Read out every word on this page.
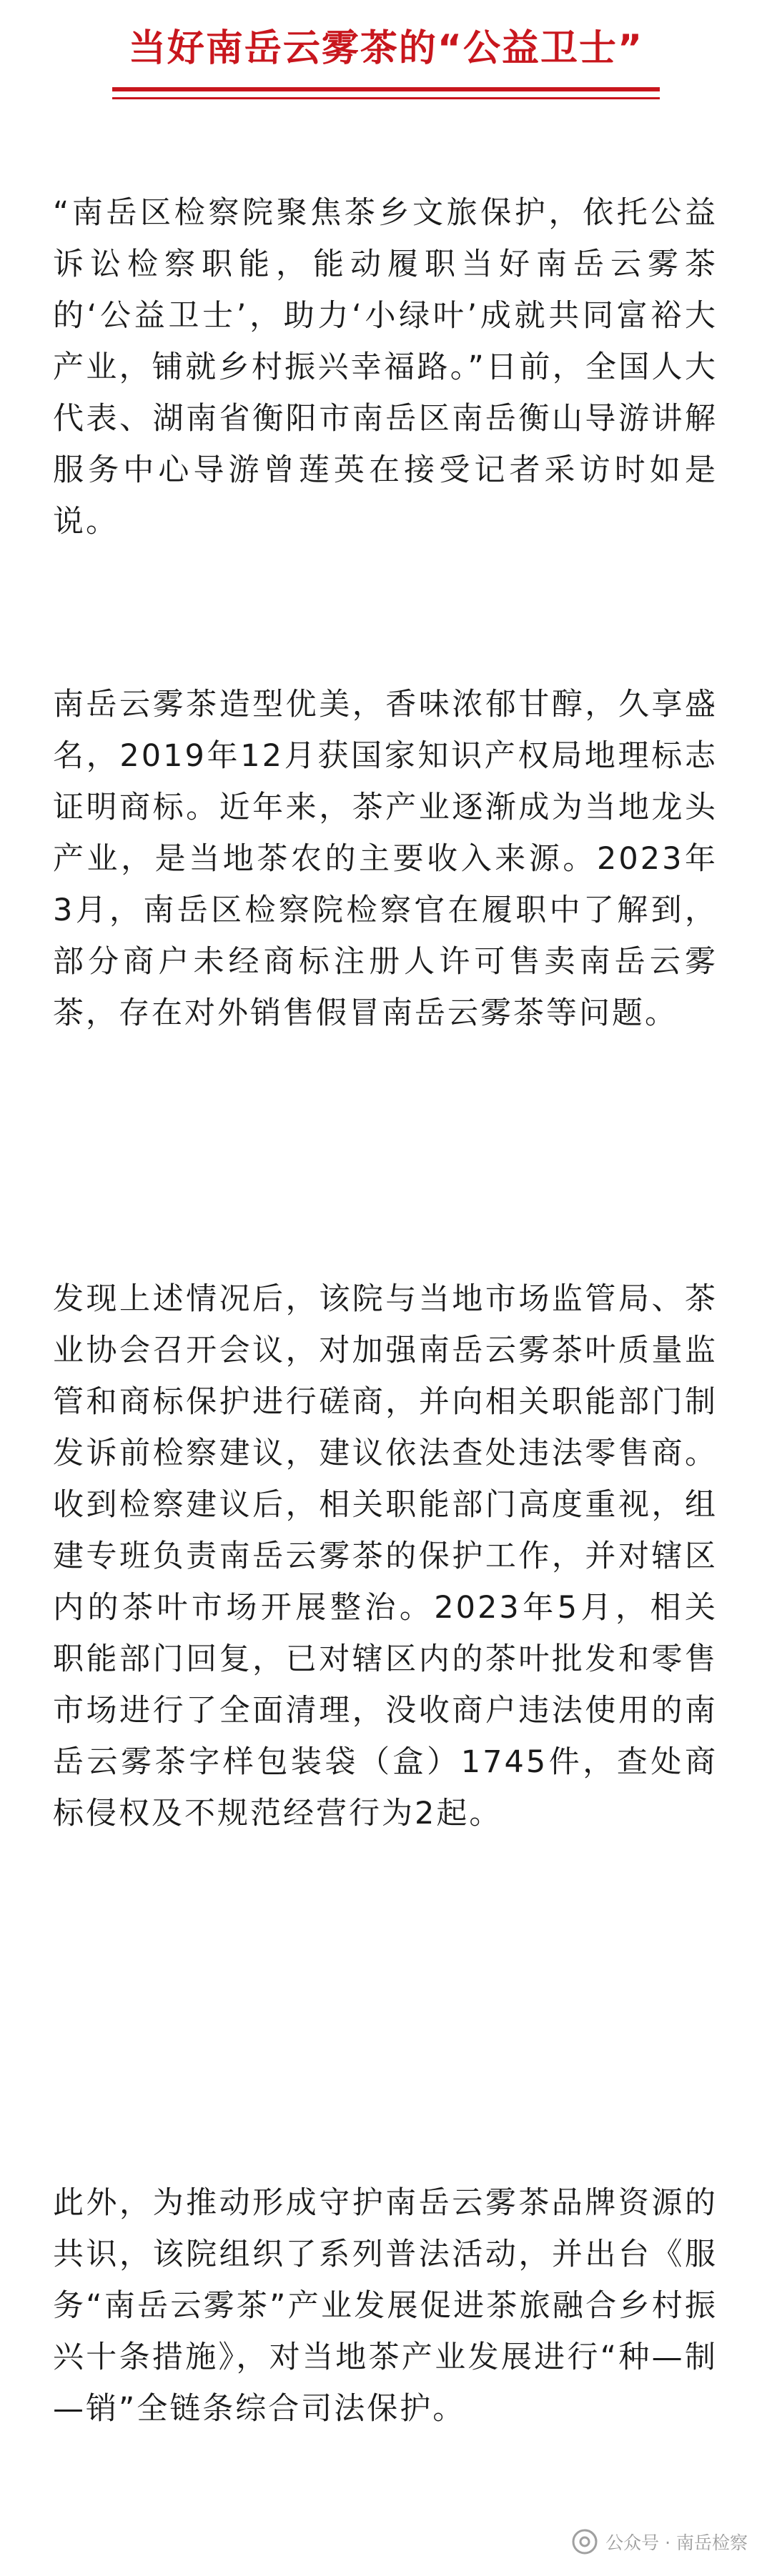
当好南岳云雾茶的“公益卫士”

“南岳区检察院聚焦茶乡文旅保护，依托公益诉讼检察职能，能动履职当好南岳云雾茶的‘公益卫士’，助力‘小绿叶’成就共同富裕大产业，铺就乡村振兴幸福路。”日前，全国人大代表、湖南省衡阳市南岳区南岳衡山导游讲解服务中心导游曾莲英在接受记者采访时如是说。

南岳云雾茶造型优美，香味浓郁甘醇，久享盛名，2019年12月获国家知识产权局地理标志证明商标。近年来，茶产业逐渐成为当地龙头产业，是当地茶农的主要收入来源。2023年3月，南岳区检察院检察官在履职中了解到，部分商户未经商标注册人许可售卖南岳云雾茶，存在对外销售假冒南岳云雾茶等问题。

发现上述情况后，该院与当地市场监管局、茶业协会召开会议，对加强南岳云雾茶叶质量监管和商标保护进行磋商，并向相关职能部门制发诉前检察建议，建议依法查处违法零售商。收到检察建议后，相关职能部门高度重视，组建专班负责南岳云雾茶的保护工作，并对辖区内的茶叶市场开展整治。2023年5月，相关职能部门回复，已对辖区内的茶叶批发和零售市场进行了全面清理，没收商户违法使用的南岳云雾茶字样包装袋（盒）1745件，查处商标侵权及不规范经营行为2起。

此外，为推动形成守护南岳云雾茶品牌资源的共识，该院组织了系列普法活动，并出台《服务“南岳云雾茶”产业发展促进茶旅融合乡村振兴十条措施》，对当地茶产业发展进行“种—制—销”全链条综合司法保护。

公众号 · 南岳检察
